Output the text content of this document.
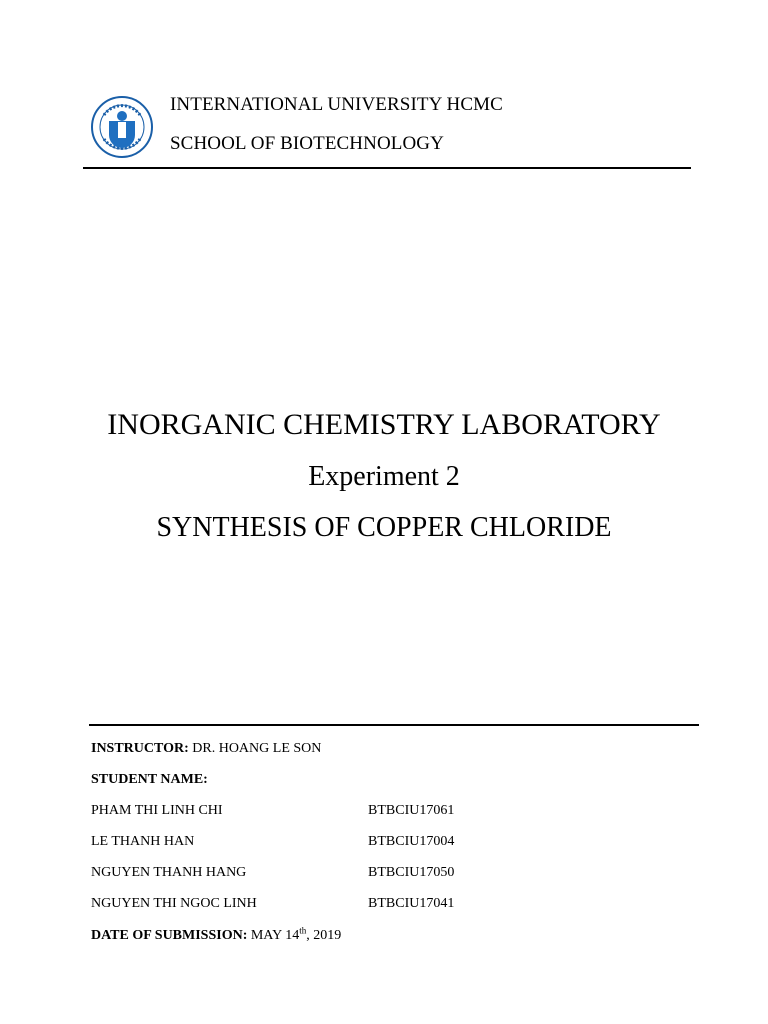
INTERNATIONAL UNIVERSITY HCMC
SCHOOL OF BIOTECHNOLOGY
INORGANIC CHEMISTRY LABORATORY
Experiment 2
SYNTHESIS OF COPPER CHLORIDE
INSTRUCTOR: DR. HOANG LE SON
STUDENT NAME:
PHAM THI LINH CHI	BTBCIU17061
LE THANH HAN	BTBCIU17004
NGUYEN THANH HANG	BTBCIU17050
NGUYEN THI NGOC LINH	BTBCIU17041
DATE OF SUBMISSION: MAY 14th, 2019
